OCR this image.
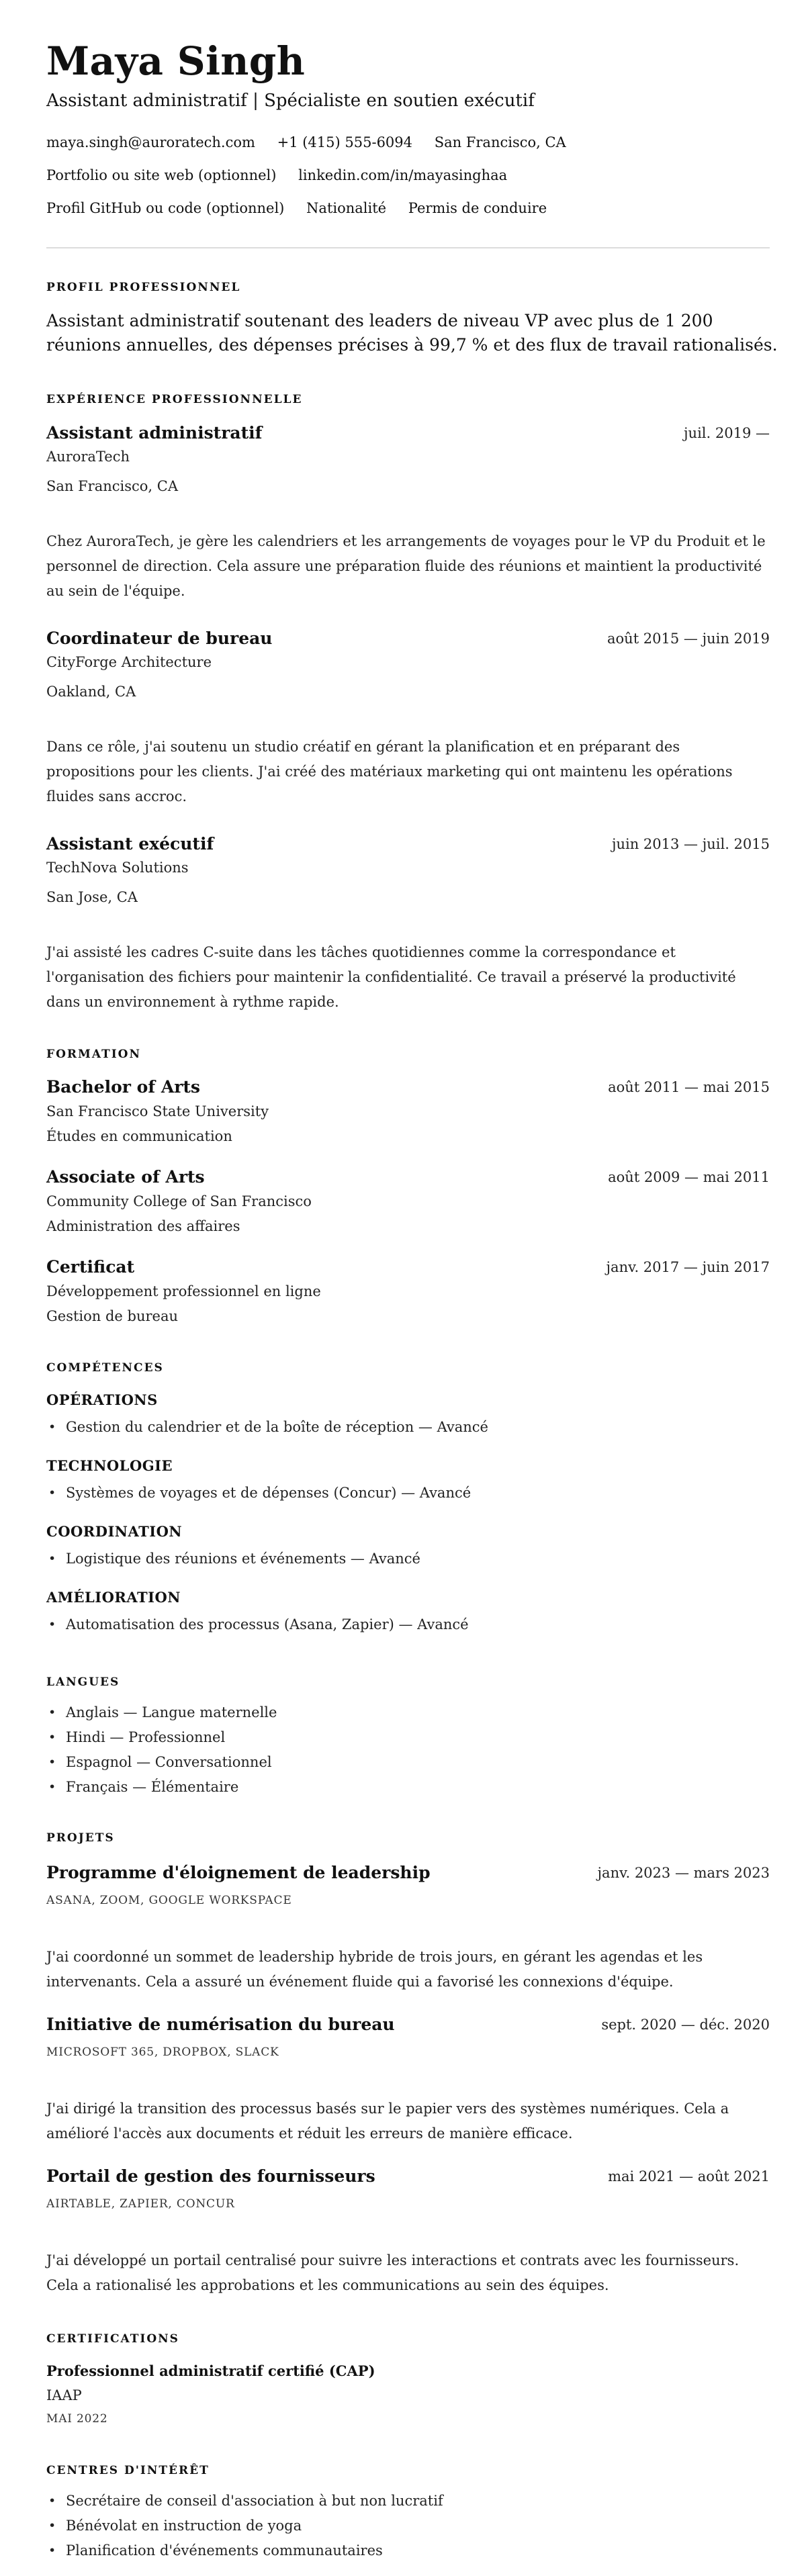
Maya Singh
Assistant administratif | Spécialiste en soutien exécutif
maya.singh@auroratech.com +1 (415) 555-6094 San Francisco, CA
Portfolio ou site web (optionnel) linkedin.com/in/mayasinghaa
Profil GitHub ou code (optionnel) Nationalité Permis de conduire
PROFIL PROFESSIONNEL

Assistant administratif soutenant des leaders de niveau VP avec plus de 1 200 réunions annuelles, des dépenses précises à 99,7 % et des flux de travail rationalisés.

EXPÉRIENCE PROFESSIONNELLE
Assistant administratif	juil. 2019 —
AuroraTech
San Francisco, CA

Chez AuroraTech, je gère les calendriers et les arrangements de voyages pour le VP du Produit et le personnel de direction. Cela assure une préparation fluide des réunions et maintient la productivité au sein de l'équipe.

Coordinateur de bureau	août 2015 — juin 2019
CityForge Architecture
Oakland, CA

Dans ce rôle, j'ai soutenu un studio créatif en gérant la planification et en préparant des propositions pour les clients. J'ai créé des matériaux marketing qui ont maintenu les opérations fluides sans accroc.

Assistant exécutif	juin 2013 — juil. 2015
TechNova Solutions
San Jose, CA

J'ai assisté les cadres C-suite dans les tâches quotidiennes comme la correspondance et l'organisation des fichiers pour maintenir la confidentialité. Ce travail a préservé la productivité dans un environnement à rythme rapide.

FORMATION
Bachelor of Arts	août 2011 — mai 2015
San Francisco State University
Études en communication
Associate of Arts	août 2009 — mai 2011
Community College of San Francisco
Administration des affaires
Certificat	janv. 2017 — juin 2017
Développement professionnel en ligne
Gestion de bureau
COMPÉTENCES
OPÉRATIONS
• Gestion du calendrier et de la boîte de réception — Avancé
TECHNOLOGIE
• Systèmes de voyages et de dépenses (Concur) — Avancé
COORDINATION
• Logistique des réunions et événements — Avancé
AMÉLIORATION
• Automatisation des processus (Asana, Zapier) — Avancé
LANGUES
• Anglais — Langue maternelle
• Hindi — Professionnel
• Espagnol — Conversationnel
• Français — Élémentaire
PROJETS
Programme d'éloignement de leadership	janv. 2023 — mars 2023
ASANA, ZOOM, GOOGLE WORKSPACE

J'ai coordonné un sommet de leadership hybride de trois jours, en gérant les agendas et les intervenants. Cela a assuré un événement fluide qui a favorisé les connexions d'équipe.

Initiative de numérisation du bureau	sept. 2020 — déc. 2020
MICROSOFT 365, DROPBOX, SLACK

J'ai dirigé la transition des processus basés sur le papier vers des systèmes numériques. Cela a amélioré l'accès aux documents et réduit les erreurs de manière efficace.

Portail de gestion des fournisseurs	mai 2021 — août 2021
AIRTABLE, ZAPIER, CONCUR

J'ai développé un portail centralisé pour suivre les interactions et contrats avec les fournisseurs. Cela a rationalisé les approbations et les communications au sein des équipes.

CERTIFICATIONS
Professionnel administratif certifié (CAP)
IAAP
MAI 2022
CENTRES D'INTÉRÊT
• Secrétaire de conseil d'association à but non lucratif
• Bénévolat en instruction de yoga
• Planification d'événements communautaires
